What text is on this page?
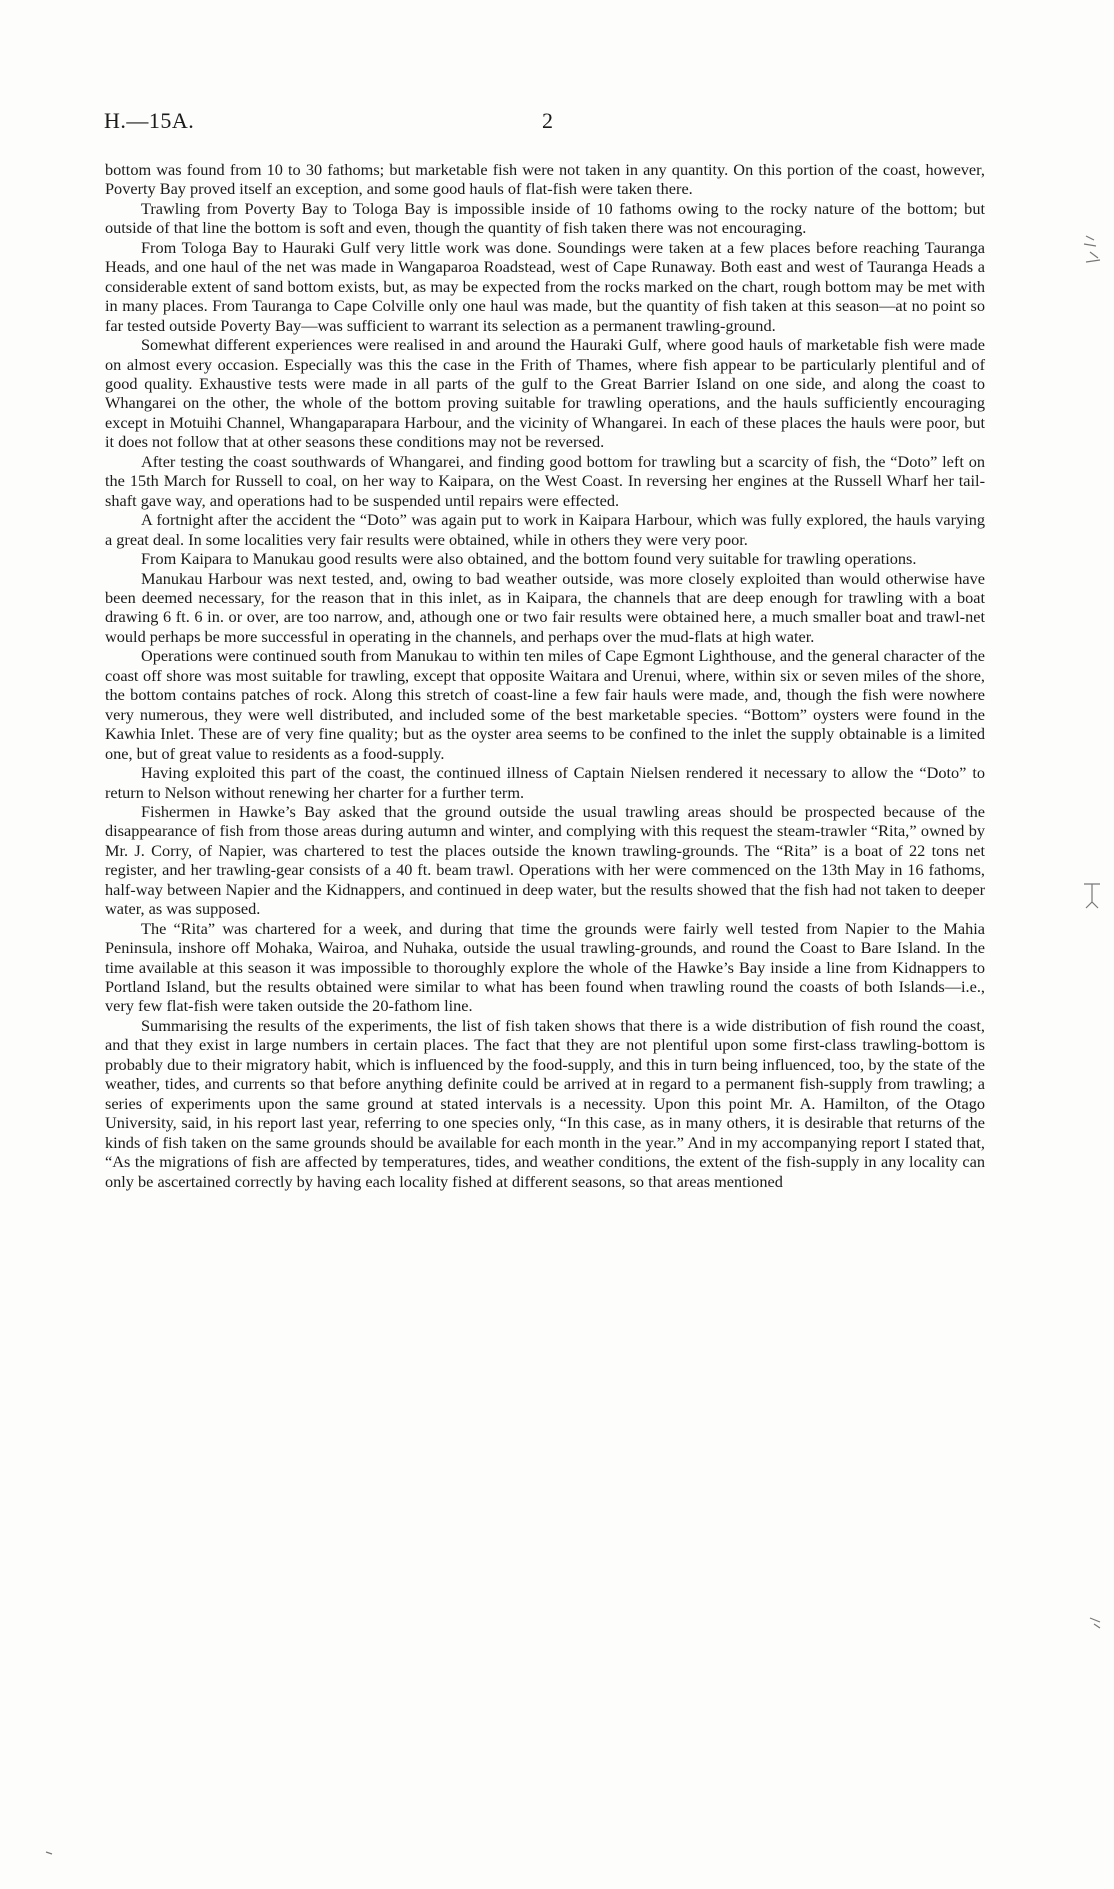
H.—15A.	2

bottom was found from 10 to 30 fathoms; but marketable fish were not taken in any quantity. On this portion of the coast, however, Poverty Bay proved itself an exception, and some good hauls of flat-fish were taken there.

Trawling from Poverty Bay to Tologa Bay is impossible inside of 10 fathoms owing to the rocky nature of the bottom; but outside of that line the bottom is soft and even, though the quantity of fish taken there was not encouraging.

From Tologa Bay to Hauraki Gulf very little work was done. Soundings were taken at a few places before reaching Tauranga Heads, and one haul of the net was made in Wangaparoa Roadstead, west of Cape Runaway. Both east and west of Tauranga Heads a considerable extent of sand bottom exists, but, as may be expected from the rocks marked on the chart, rough bottom may be met with in many places. From Tauranga to Cape Colville only one haul was made, but the quantity of fish taken at this season—at no point so far tested outside Poverty Bay—was sufficient to warrant its selection as a permanent trawling-ground.

Somewhat different experiences were realised in and around the Hauraki Gulf, where good hauls of marketable fish were made on almost every occasion. Especially was this the case in the Frith of Thames, where fish appear to be particularly plentiful and of good quality. Exhaustive tests were made in all parts of the gulf to the Great Barrier Island on one side, and along the coast to Whangarei on the other, the whole of the bottom proving suitable for trawling operations, and the hauls sufficiently encouraging except in Motuihi Channel, Whangaparapara Harbour, and the vicinity of Whangarei. In each of these places the hauls were poor, but it does not follow that at other seasons these conditions may not be reversed.

After testing the coast southwards of Whangarei, and finding good bottom for trawling but a scarcity of fish, the “Doto” left on the 15th March for Russell to coal, on her way to Kaipara, on the West Coast. In reversing her engines at the Russell Wharf her tail-shaft gave way, and operations had to be suspended until repairs were effected.

A fortnight after the accident the “Doto” was again put to work in Kaipara Harbour, which was fully explored, the hauls varying a great deal. In some localities very fair results were obtained, while in others they were very poor.

From Kaipara to Manukau good results were also obtained, and the bottom found very suitable for trawling operations.

Manukau Harbour was next tested, and, owing to bad weather outside, was more closely exploited than would otherwise have been deemed necessary, for the reason that in this inlet, as in Kaipara, the channels that are deep enough for trawling with a boat drawing 6 ft. 6 in. or over, are too narrow, and, athough one or two fair results were obtained here, a much smaller boat and trawl-net would perhaps be more successful in operating in the channels, and perhaps over the mud-flats at high water.

Operations were continued south from Manukau to within ten miles of Cape Egmont Lighthouse, and the general character of the coast off shore was most suitable for trawling, except that opposite Waitara and Urenui, where, within six or seven miles of the shore, the bottom contains patches of rock. Along this stretch of coast-line a few fair hauls were made, and, though the fish were nowhere very numerous, they were well distributed, and included some of the best marketable species. “Bottom” oysters were found in the Kawhia Inlet. These are of very fine quality; but as the oyster area seems to be confined to the inlet the supply obtainable is a limited one, but of great value to residents as a food-supply.

Having exploited this part of the coast, the continued illness of Captain Nielsen rendered it necessary to allow the “Doto” to return to Nelson without renewing her charter for a further term.

Fishermen in Hawke’s Bay asked that the ground outside the usual trawling areas should be prospected because of the disappearance of fish from those areas during autumn and winter, and complying with this request the steam-trawler “Rita,” owned by Mr. J. Corry, of Napier, was chartered to test the places outside the known trawling-grounds. The “Rita” is a boat of 22 tons net register, and her trawling-gear consists of a 40 ft. beam trawl. Operations with her were commenced on the 13th May in 16 fathoms, half-way between Napier and the Kidnappers, and continued in deep water, but the results showed that the fish had not taken to deeper water, as was supposed.

The “Rita” was chartered for a week, and during that time the grounds were fairly well tested from Napier to the Mahia Peninsula, inshore off Mohaka, Wairoa, and Nuhaka, outside the usual trawling-grounds, and round the Coast to Bare Island. In the time available at this season it was impossible to thoroughly explore the whole of the Hawke’s Bay inside a line from Kidnappers to Portland Island, but the results obtained were similar to what has been found when trawling round the coasts of both Islands—i.e., very few flat-fish were taken outside the 20-fathom line.

Summarising the results of the experiments, the list of fish taken shows that there is a wide distribution of fish round the coast, and that they exist in large numbers in certain places. The fact that they are not plentiful upon some first-class trawling-bottom is probably due to their migratory habit, which is influenced by the food-supply, and this in turn being influenced, too, by the state of the weather, tides, and currents so that before anything definite could be arrived at in regard to a permanent fish-supply from trawling; a series of experiments upon the same ground at stated intervals is a necessity. Upon this point Mr. A. Hamilton, of the Otago University, said, in his report last year, referring to one species only, “In this case, as in many others, it is desirable that returns of the kinds of fish taken on the same grounds should be available for each month in the year.” And in my accompanying report I stated that, “As the migrations of fish are affected by temperatures, tides, and weather conditions, the extent of the fish-supply in any locality can only be ascertained correctly by having each locality fished at different seasons, so that areas mentioned
